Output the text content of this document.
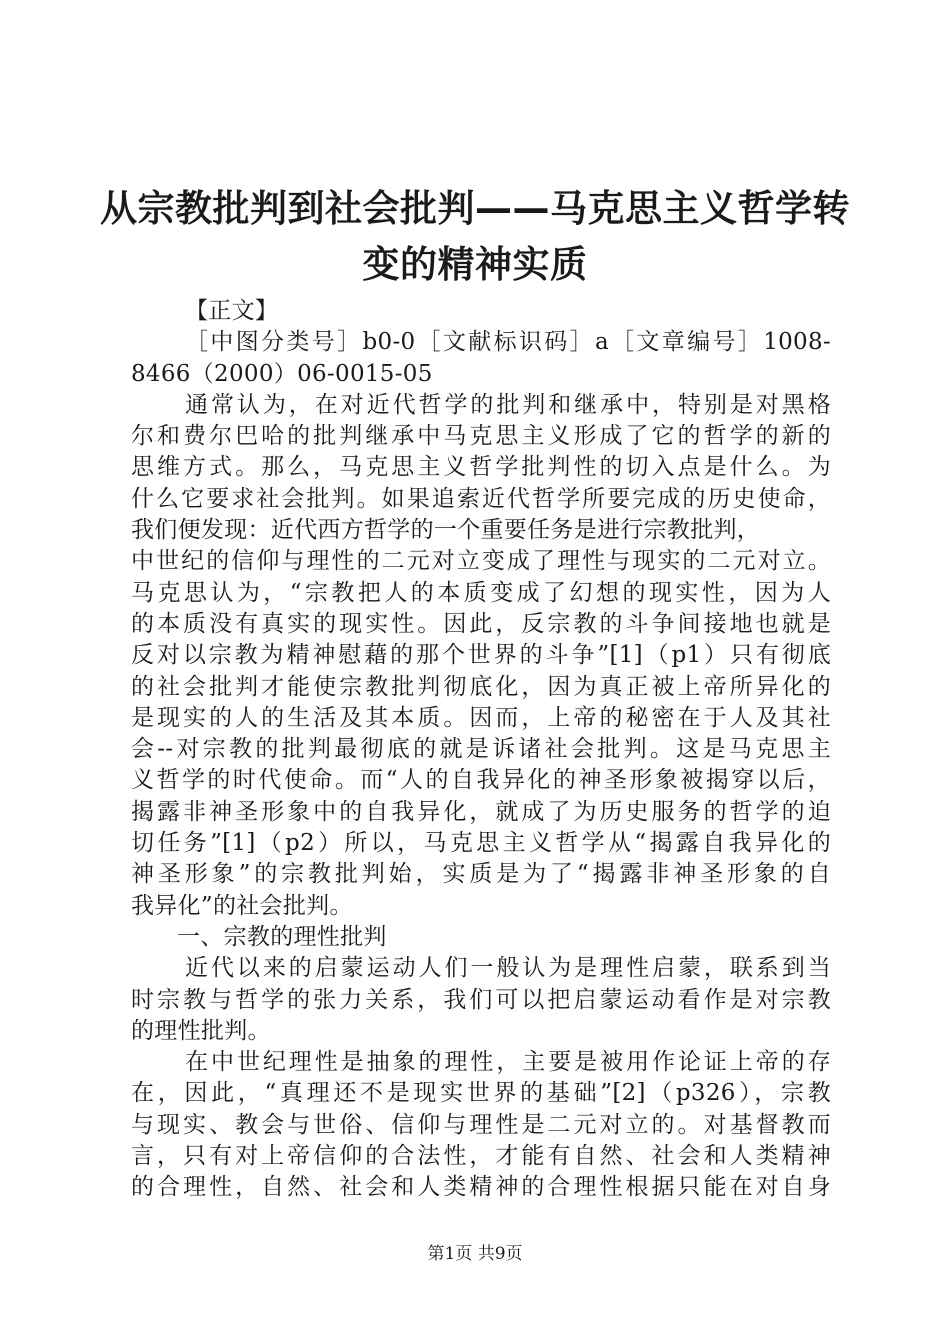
从宗教批判到社会批判——马克思主义哲学转
变的精神实质
【正文】
［中图分类号］b0-0［文献标识码］a［文章编号］1008-
8466（2000）06-0015-05
通常认为，在对近代哲学的批判和继承中，特别是对黑格
尔和费尔巴哈的批判继承中马克思主义形成了它的哲学的新的
思维方式。那么，马克思主义哲学批判性的切入点是什么。为
什么它要求社会批判。如果追索近代哲学所要完成的历史使命，
我们便发现：近代西方哲学的一个重要任务是进行宗教批判，
中世纪的信仰与理性的二元对立变成了理性与现实的二元对立。
马克思认为，“宗教把人的本质变成了幻想的现实性，因为人
的本质没有真实的现实性。因此，反宗教的斗争间接地也就是
反对以宗教为精神慰藉的那个世界的斗争”[1]（p1）只有彻底
的社会批判才能使宗教批判彻底化，因为真正被上帝所异化的
是现实的人的生活及其本质。因而，上帝的秘密在于人及其社
会--对宗教的批判最彻底的就是诉诸社会批判。这是马克思主
义哲学的时代使命。而“人的自我异化的神圣形象被揭穿以后，
揭露非神圣形象中的自我异化，就成了为历史服务的哲学的迫
切任务”[1]（p2）所以，马克思主义哲学从“揭露自我异化的
神圣形象”的宗教批判始，实质是为了“揭露非神圣形象的自
我异化”的社会批判。
一、宗教的理性批判
近代以来的启蒙运动人们一般认为是理性启蒙，联系到当
时宗教与哲学的张力关系，我们可以把启蒙运动看作是对宗教
的理性批判。
在中世纪理性是抽象的理性，主要是被用作论证上帝的存
在，因此，“真理还不是现实世界的基础”[2]（p326），宗教
与现实、教会与世俗、信仰与理性是二元对立的。对基督教而
言，只有对上帝信仰的合法性，才能有自然、社会和人类精神
的合理性，自然、社会和人类精神的合理性根据只能在对自身
第1页 共9页
